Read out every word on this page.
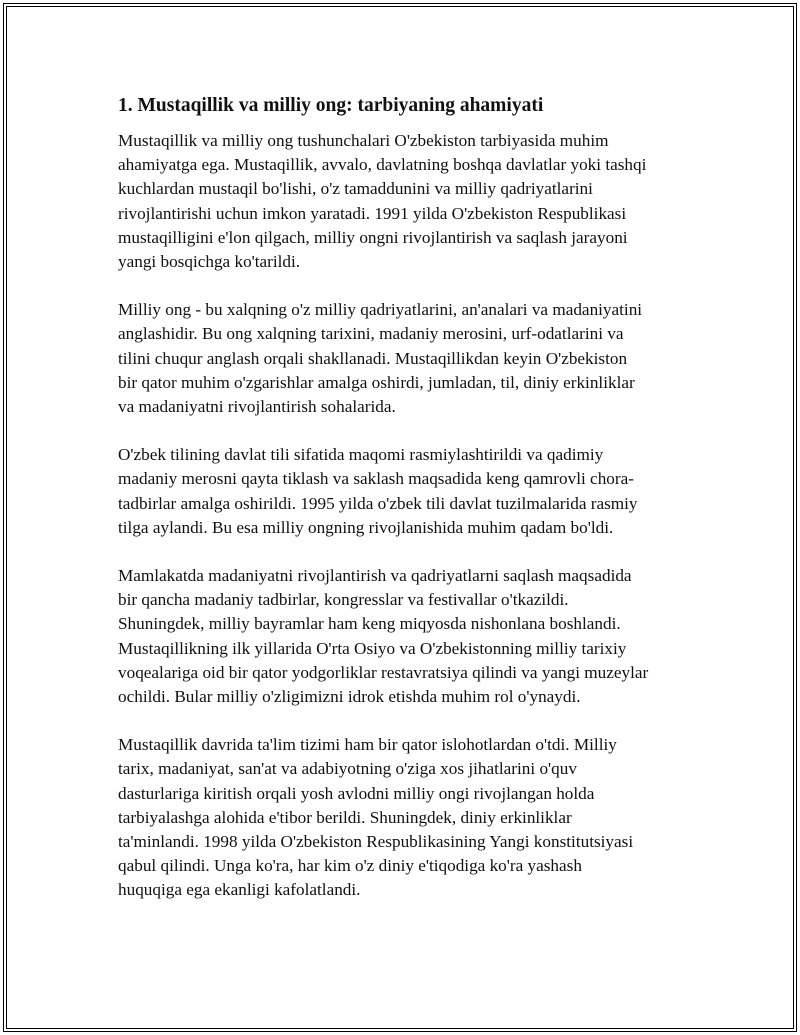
1. Mustaqillik va milliy ong: tarbiyaning ahamiyati
Mustaqillik va milliy ong tushunchalari O'zbekiston tarbiyasida muhim
ahamiyatga ega. Mustaqillik, avvalo, davlatning boshqa davlatlar yoki tashqi
kuchlardan mustaqil bo'lishi, o'z tamaddunini va milliy qadriyatlarini
rivojlantirishi uchun imkon yaratadi. 1991 yilda O'zbekiston Respublikasi
mustaqilligini e'lon qilgach, milliy ongni rivojlantirish va saqlash jarayoni
yangi bosqichga ko'tarildi.
Milliy ong - bu xalqning o'z milliy qadriyatlarini, an'analari va madaniyatini
anglashidir. Bu ong xalqning tarixini, madaniy merosini, urf-odatlarini va
tilini chuqur anglash orqali shakllanadi. Mustaqillikdan keyin O'zbekiston
bir qator muhim o'zgarishlar amalga oshirdi, jumladan, til, diniy erkinliklar
va madaniyatni rivojlantirish sohalarida.
O'zbek tilining davlat tili sifatida maqomi rasmiylashtirildi va qadimiy
madaniy merosni qayta tiklash va saklash maqsadida keng qamrovli chora-
tadbirlar amalga oshirildi. 1995 yilda o'zbek tili davlat tuzilmalarida rasmiy
tilga aylandi. Bu esa milliy ongning rivojlanishida muhim qadam bo'ldi.
Mamlakatda madaniyatni rivojlantirish va qadriyatlarni saqlash maqsadida
bir qancha madaniy tadbirlar, kongresslar va festivallar o'tkazildi.
Shuningdek, milliy bayramlar ham keng miqyosda nishonlana boshlandi.
Mustaqillikning ilk yillarida O'rta Osiyo va O'zbekistonning milliy tarixiy
voqealariga oid bir qator yodgorliklar restavratsiya qilindi va yangi muzeylar
ochildi. Bular milliy o'zligimizni idrok etishda muhim rol o'ynaydi.
Mustaqillik davrida ta'lim tizimi ham bir qator islohotlardan o'tdi. Milliy
tarix, madaniyat, san'at va adabiyotning o'ziga xos jihatlarini o'quv
dasturlariga kiritish orqali yosh avlodni milliy ongi rivojlangan holda
tarbiyalashga alohida e'tibor berildi. Shuningdek, diniy erkinliklar
ta'minlandi. 1998 yilda O'zbekiston Respublikasining Yangi konstitutsiyasi
qabul qilindi. Unga ko'ra, har kim o'z diniy e'tiqodiga ko'ra yashash
huquqiga ega ekanligi kafolatlandi.
